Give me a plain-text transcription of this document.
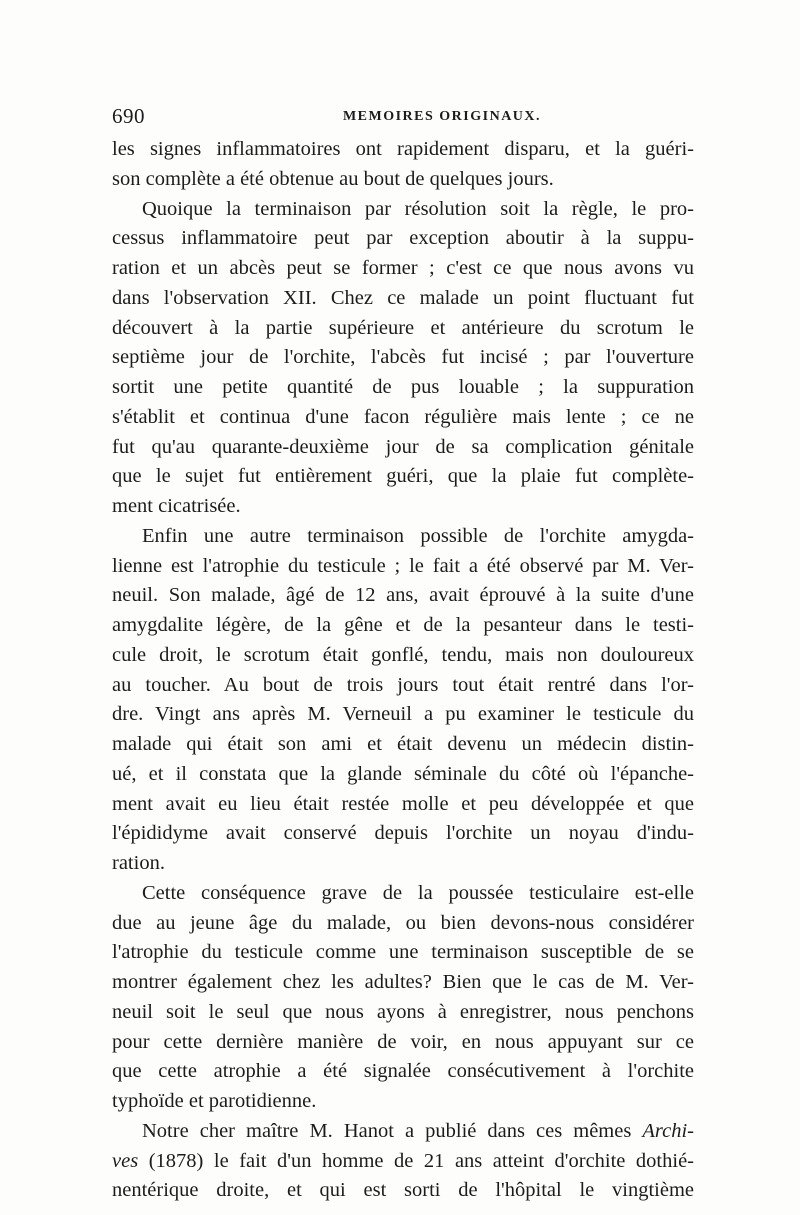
690	MEMOIRES ORIGINAUX.
les signes inflammatoires ont rapidement disparu, et la guéri-
son complète a été obtenue au bout de quelques jours.
Quoique la terminaison par résolution soit la règle, le pro-
cessus inflammatoire peut par exception aboutir à la suppu-
ration et un abcès peut se former ; c'est ce que nous avons vu
dans l'observation XII. Chez ce malade un point fluctuant fut
découvert à la partie supérieure et antérieure du scrotum le
septième jour de l'orchite, l'abcès fut incisé ; par l'ouverture
sortit une petite quantité de pus louable ; la suppuration
s'établit et continua d'une facon régulière mais lente ; ce ne
fut qu'au quarante-deuxième jour de sa complication génitale
que le sujet fut entièrement guéri, que la plaie fut complète-
ment cicatrisée.
Enfin une autre terminaison possible de l'orchite amygda-
lienne est l'atrophie du testicule ; le fait a été observé par M. Ver-
neuil. Son malade, âgé de 12 ans, avait éprouvé à la suite d'une
amygdalite légère, de la gêne et de la pesanteur dans le testi-
cule droit, le scrotum était gonflé, tendu, mais non douloureux
au toucher. Au bout de trois jours tout était rentré dans l'or-
dre. Vingt ans après M. Verneuil a pu examiner le testicule du
malade qui était son ami et était devenu un médecin distin-
ué, et il constata que la glande séminale du côté où l'épanche-
ment avait eu lieu était restée molle et peu développée et que
l'épididyme avait conservé depuis l'orchite un noyau d'indu-
ration.
Cette conséquence grave de la poussée testiculaire est-elle
due au jeune âge du malade, ou bien devons-nous considérer
l'atrophie du testicule comme une terminaison susceptible de se
montrer également chez les adultes? Bien que le cas de M. Ver-
neuil soit le seul que nous ayons à enregistrer, nous penchons
pour cette dernière manière de voir, en nous appuyant sur ce
que cette atrophie a été signalée consécutivement à l'orchite
typhoïde et parotidienne.
Notre cher maître M. Hanot a publié dans ces mêmes Archi-
ves (1878) le fait d'un homme de 21 ans atteint d'orchite dothié-
nentérique droite, et qui est sorti de l'hôpital le vingtième
